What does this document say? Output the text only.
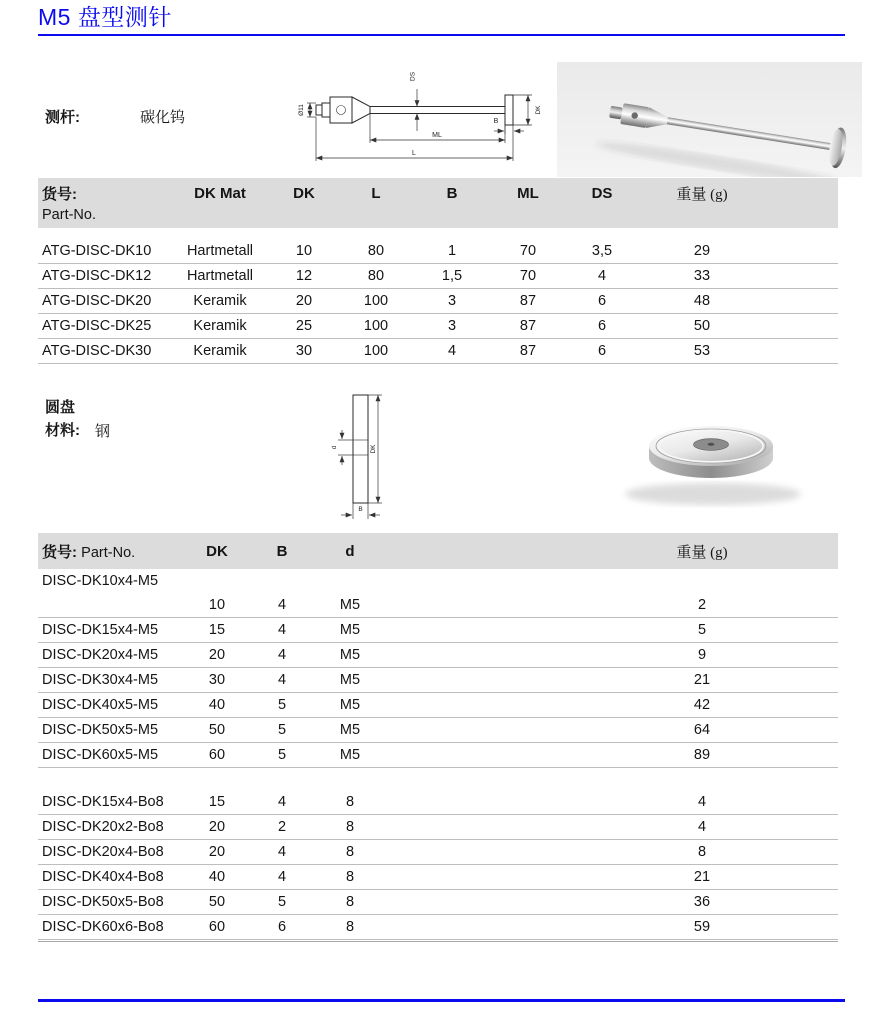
M5 盘型测针
测杆:	碳化钨	Ø11
DS
DK
B
ML
L
货号:	DK Mat	DK	L	B	ML	DS	重量 (g)
Part-No.
ATG-DISC-DK10	Hartmetall	10	80	1	70	3,5	29
ATG-DISC-DK12	Hartmetall	12	80	1,5	70	4	33
ATG-DISC-DK20	Keramik	20	100	3	87	6	48
ATG-DISC-DK25	Keramik	25	100	3	87	6	50
ATG-DISC-DK30	Keramik	30	100	4	87	6	53
圆盘
材料: 钢
d	DK
B
货号: Part-No.	DK	B	d	重量 (g)
DISC-DK10x4-M5
10	4	M5	2
DISC-DK15x4-M5	15	4	M5	5
DISC-DK20x4-M5	20	4	M5	9
DISC-DK30x4-M5	30	4	M5	21
DISC-DK40x5-M5	40	5	M5	42
DISC-DK50x5-M5	50	5	M5	64
DISC-DK60x5-M5	60	5	M5	89
DISC-DK15x4-Bo8	15	4	8	4
DISC-DK20x2-Bo8	20	2	8	4
DISC-DK20x4-Bo8	20	4	8	8
DISC-DK40x4-Bo8	40	4	8	21
DISC-DK50x5-Bo8	50	5	8	36
DISC-DK60x6-Bo8	60	6	8	59
